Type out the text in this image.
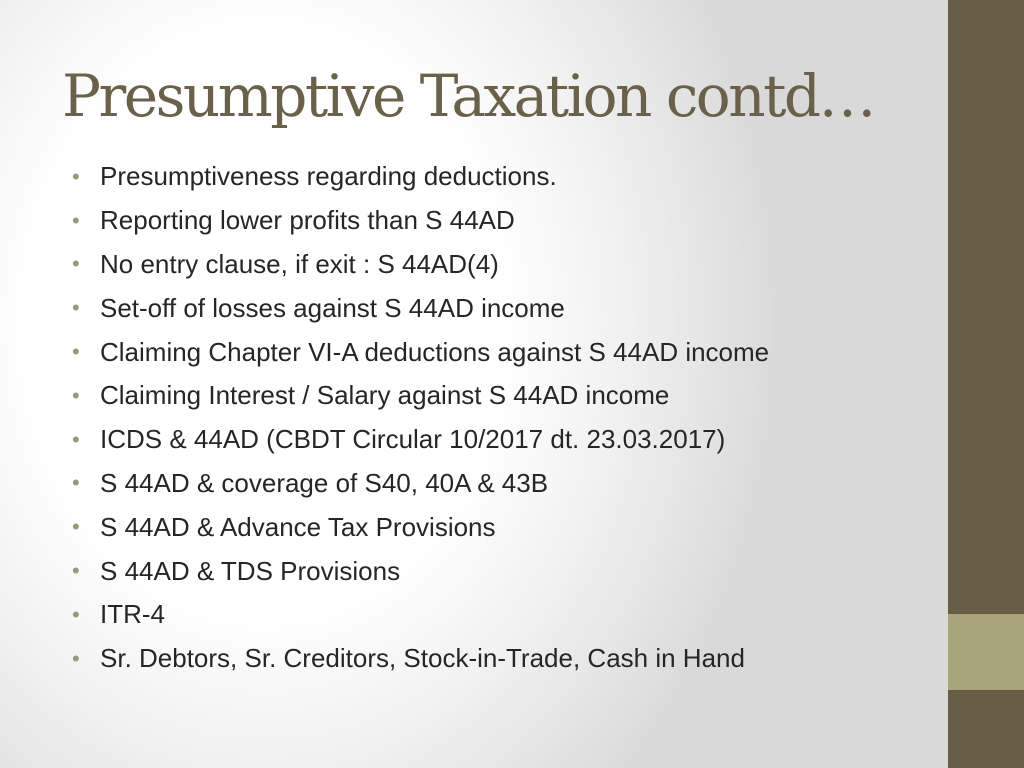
Presumptive Taxation contd…
• Presumptiveness regarding deductions.
• Reporting lower profits than S 44AD
• No entry clause, if exit : S 44AD(4)
• Set-off of losses against S 44AD income
• Claiming Chapter VI-A deductions against S 44AD income
• Claiming Interest / Salary against S 44AD income
• ICDS & 44AD (CBDT Circular 10/2017 dt. 23.03.2017)
• S 44AD & coverage of S40, 40A & 43B
• S 44AD & Advance Tax Provisions
• S 44AD & TDS Provisions
• ITR-4
• Sr. Debtors, Sr. Creditors, Stock-in-Trade, Cash in Hand
